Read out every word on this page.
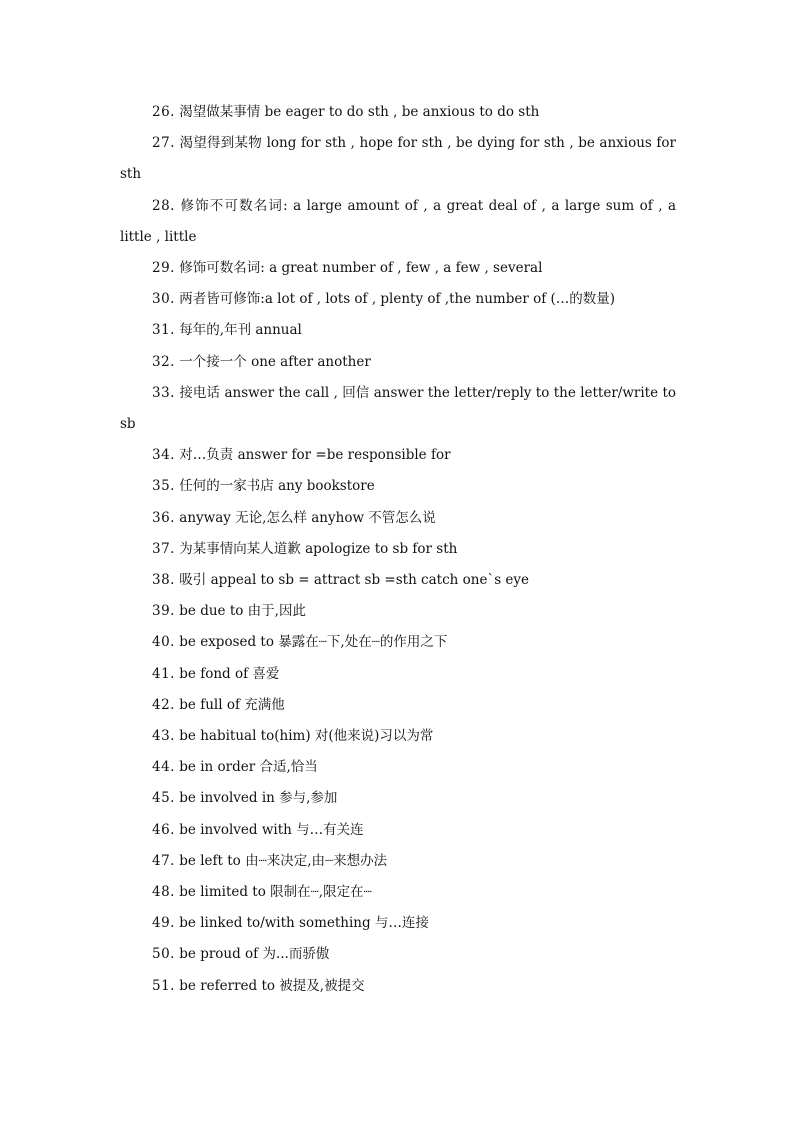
26. 渴望做某事情 be eager to do sth , be anxious to do sth

27. 渴望得到某物 long for sth , hope for sth , be dying for sth , be anxious for sth

28. 修饰不可数名词: a large amount of , a great deal of , a large sum of , a little , little

29. 修饰可数名词: a great number of , few , a few , several

30. 两者皆可修饰:a lot of , lots of , plenty of ,the number of (…的数量)

31. 每年的,年刊 annual

32. 一个接一个 one after another

33. 接电话 answer the call , 回信 answer the letter/reply to the letter/write to sb

34. 对…负责 answer for =be responsible for

35. 任何的一家书店 any bookstore

36. anyway 无论,怎么样 anyhow 不管怎么说

37. 为某事情向某人道歉 apologize to sb for sth

38. 吸引 appeal to sb = attract sb =sth catch one`s eye

39. be due to 由于,因此

40. be exposed to 暴露在┈下,处在┈的作用之下

41. be fond of 喜爱

42. be full of 充满他

43. be habitual to(him) 对(他来说)习以为常

44. be in order 合适,恰当

45. be involved in 参与,参加

46. be involved with 与…有关连

47. be left to 由┈来决定,由┈来想办法

48. be limited to 限制在┈,限定在┈

49. be linked to/with something 与…连接

50. be proud of 为...而骄傲

51. be referred to 被提及,被提交
